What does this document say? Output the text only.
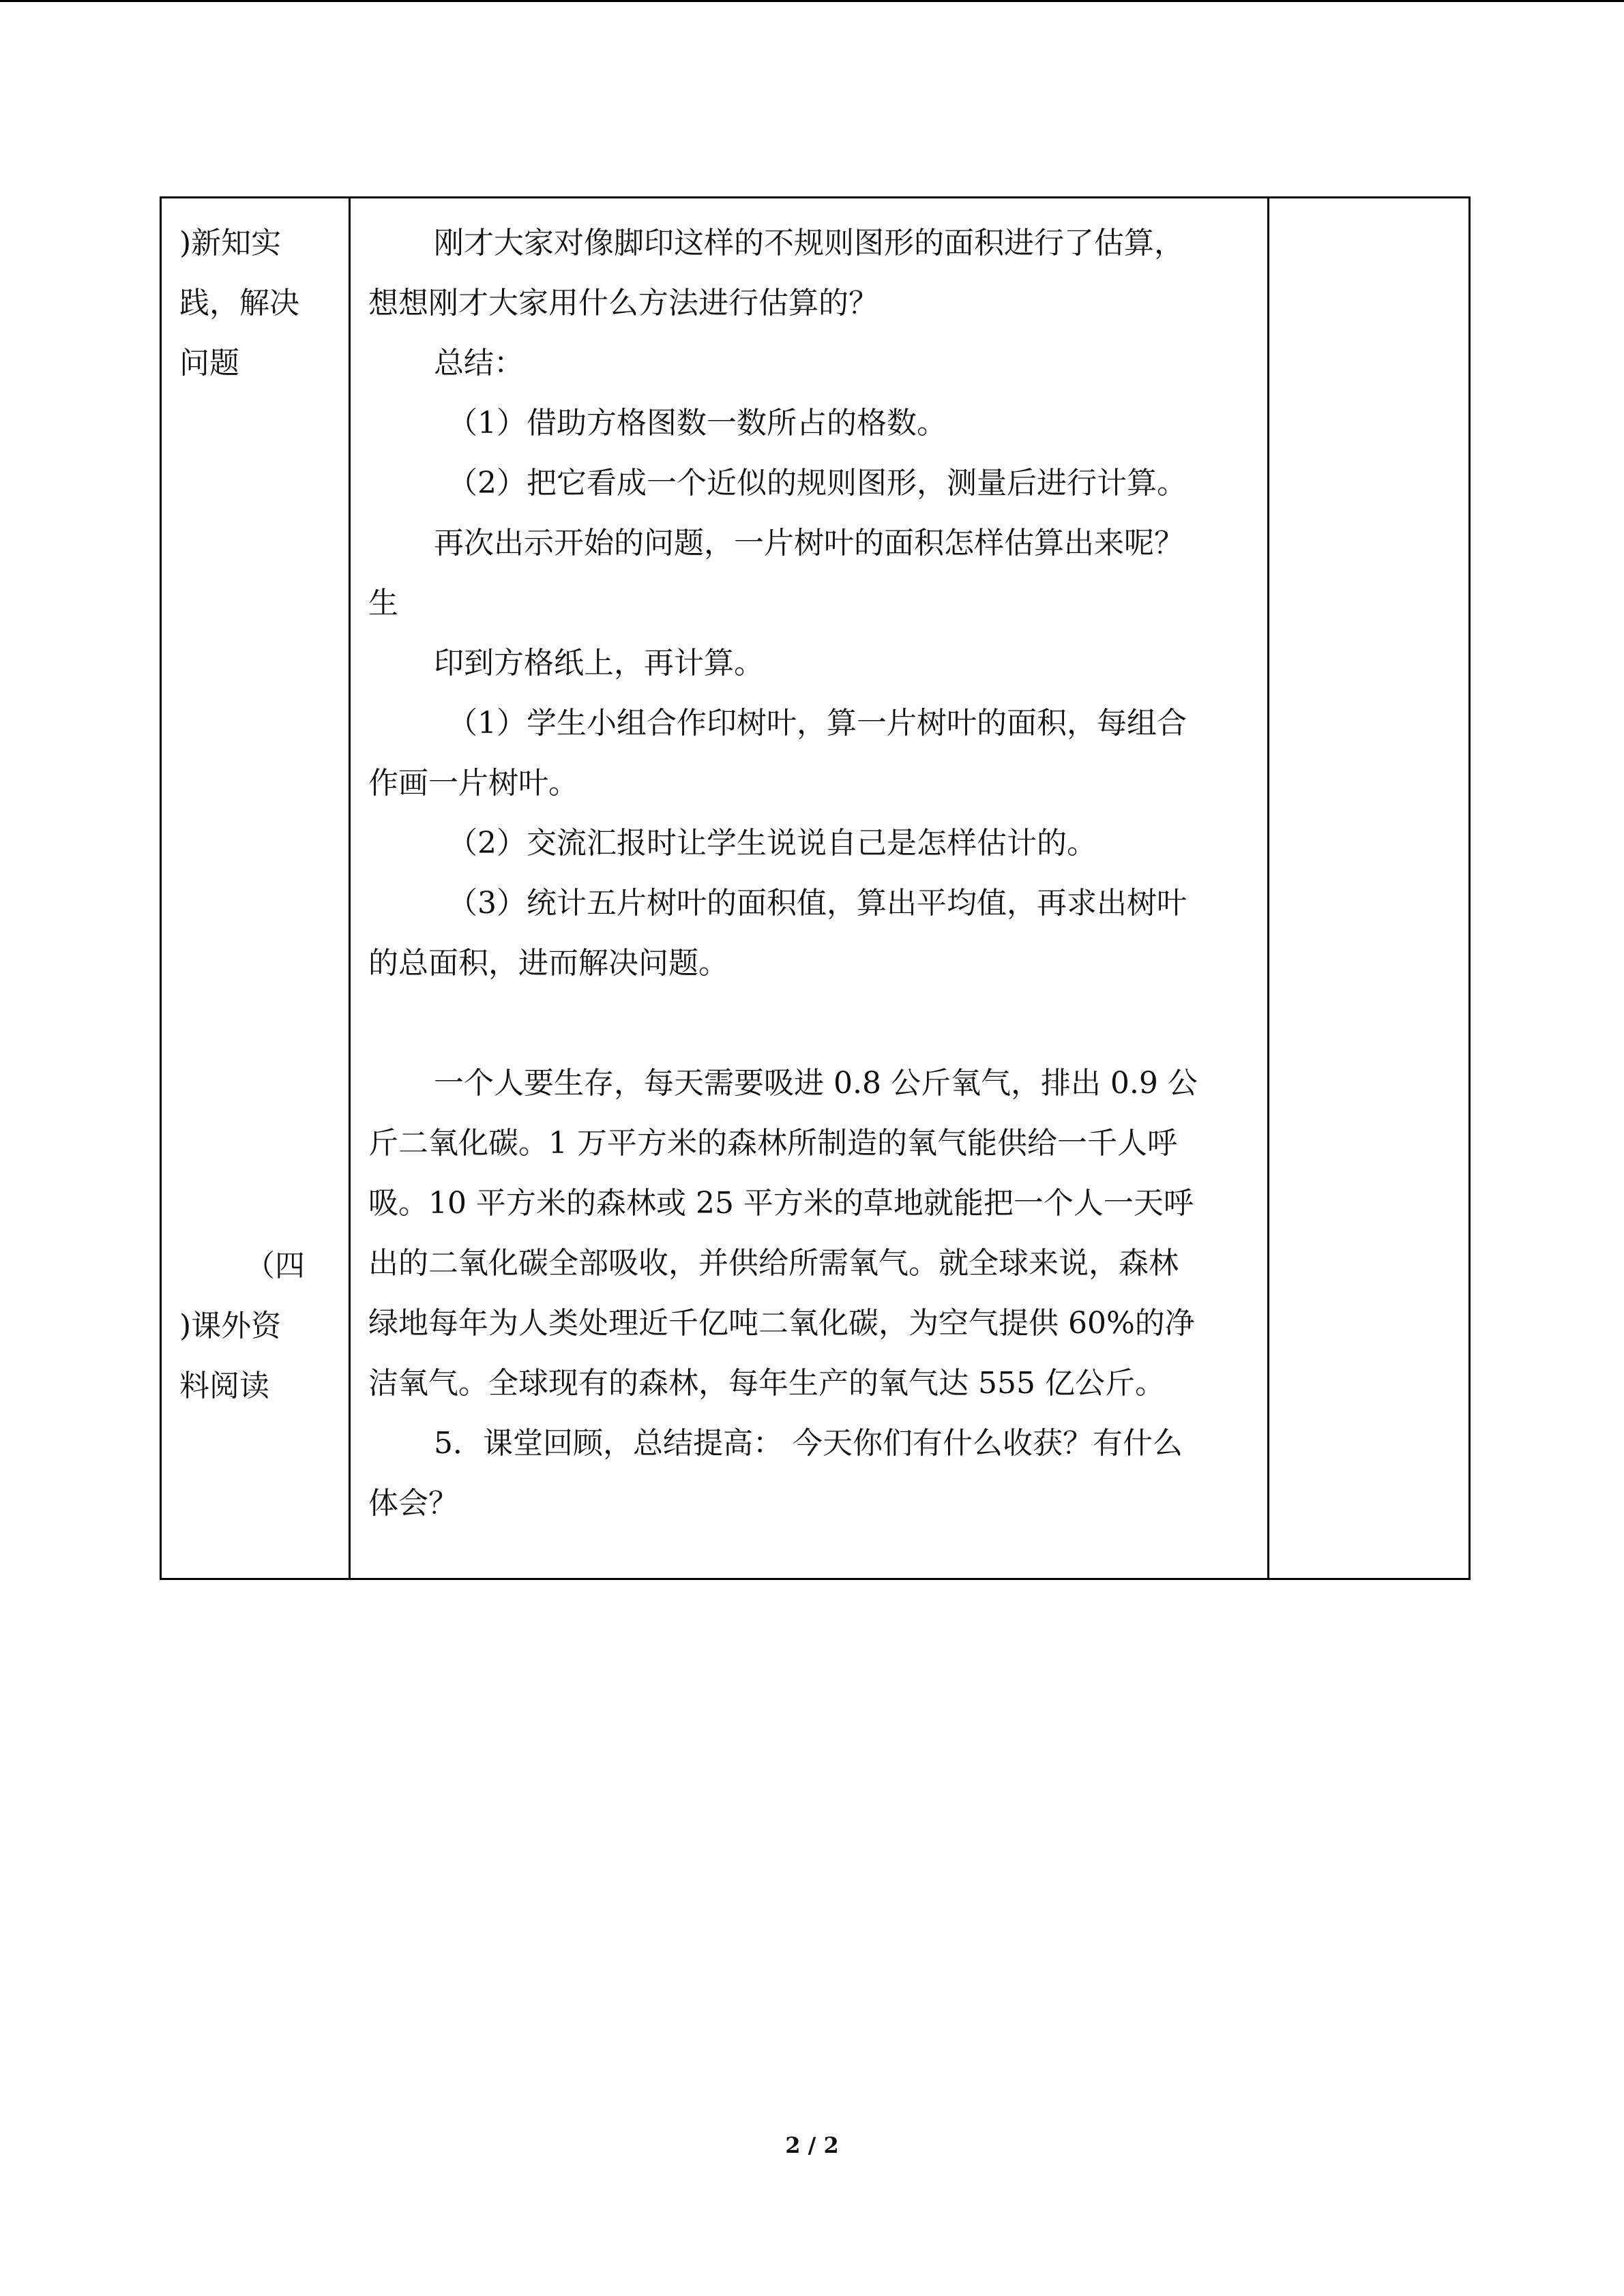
)新知实
践，解决
问题
（四
)课外资
料阅读

刚才大家对像脚印这样的不规则图形的面积进行了估算，
想想刚才大家用什么方法进行估算的？
总结：
（1）借助方格图数一数所占的格数。
（2）把它看成一个近似的规则图形，测量后进行计算。
再次出示开始的问题，一片树叶的面积怎样估算出来呢？
生
印到方格纸上，再计算。
（1）学生小组合作印树叶，算一片树叶的面积，每组合
作画一片树叶。
（2）交流汇报时让学生说说自己是怎样估计的。
（3）统计五片树叶的面积值，算出平均值，再求出树叶
的总面积，进而解决问题。
一个人要生存，每天需要吸进 0.8 公斤氧气，排出 0.9 公
斤二氧化碳。1 万平方米的森林所制造的氧气能供给一千人呼
吸。10 平方米的森林或 25 平方米的草地就能把一个人一天呼
出的二氧化碳全部吸收，并供给所需氧气。就全球来说，森林
绿地每年为人类处理近千亿吨二氧化碳，为空气提供 60%的净
洁氧气。全球现有的森林，每年生产的氧气达 555 亿公斤。
5．课堂回顾，总结提高： 今天你们有什么收获？有什么
体会？

2 / 2
